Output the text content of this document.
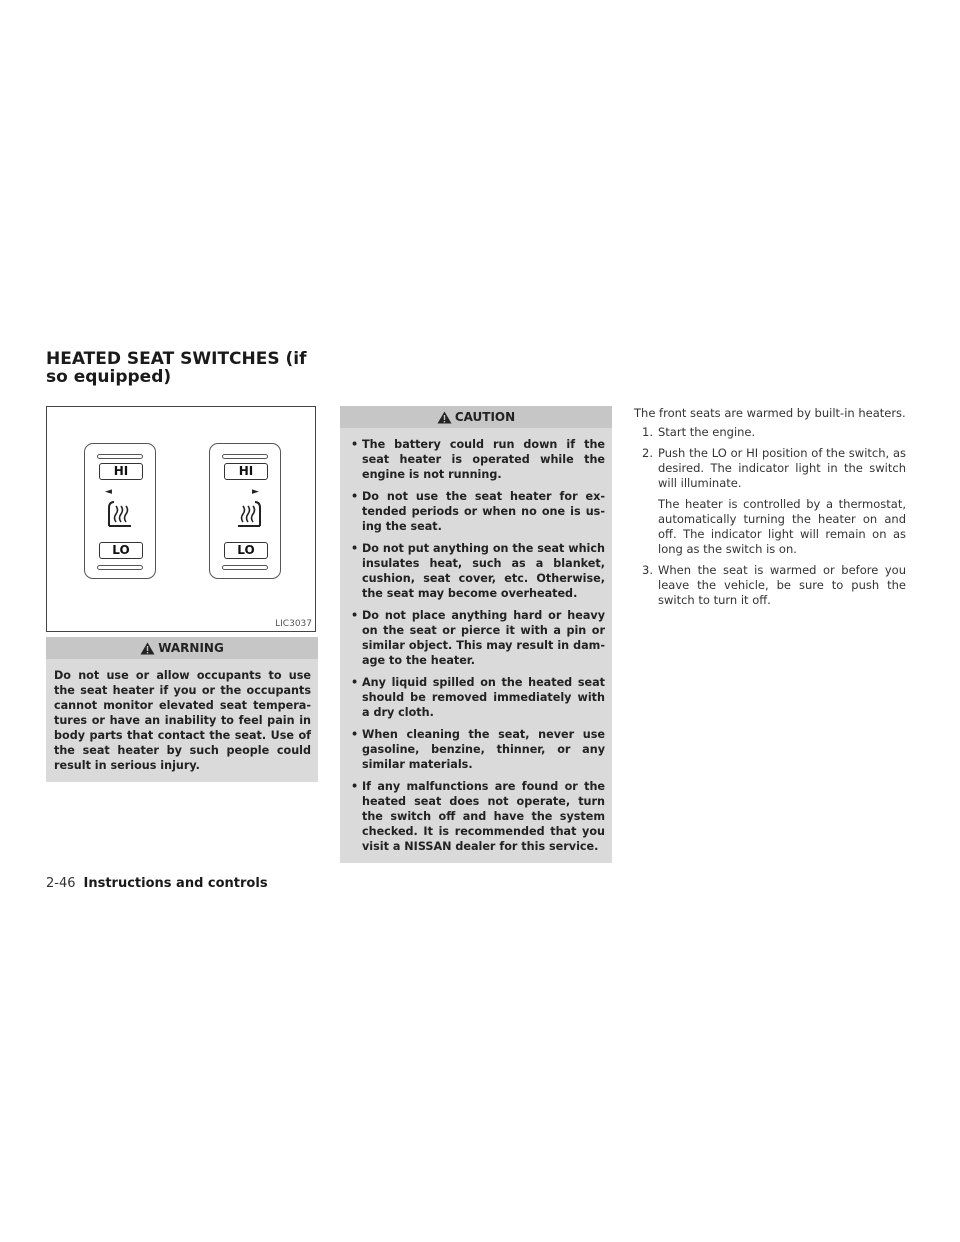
HEATED SEAT SWITCHES (if so equipped)
HI
◄
LO
HI
►
LO
LIC3037
WARNING

Do not use or allow occupants to use the seat heater if you or the occupants cannot monitor elevated seat temperatures or have an inability to feel pain in body parts that contact the seat. Use of the seat heater by such people could result in serious injury.

CAUTION
• The battery could run down if the seat heater is operated while the engine is not running.
• Do not use the seat heater for extended periods or when no one is using the seat.
• Do not put anything on the seat which insulates heat, such as a blanket, cushion, seat cover, etc. Otherwise, the seat may become overheated.
• Do not place anything hard or heavy on the seat or pierce it with a pin or similar object. This may result in damage to the heater.
• Any liquid spilled on the heated seat should be removed immediately with a dry cloth.
• When cleaning the seat, never use gasoline, benzine, thinner, or any similar materials.
• If any malfunctions are found or the heated seat does not operate, turn the switch off and have the system checked. It is recommended that you visit a NISSAN dealer for this service.

The front seats are warmed by built-in heaters.

1. Start the engine.
2. Push the LO or HI position of the switch, as desired. The indicator light in the switch will illuminate.
The heater is controlled by a thermostat, automatically turning the heater on and off. The indicator light will remain on as long as the switch is on.
3. When the seat is warmed or before you leave the vehicle, be sure to push the switch to turn it off.
2-46 Instructions and controls
